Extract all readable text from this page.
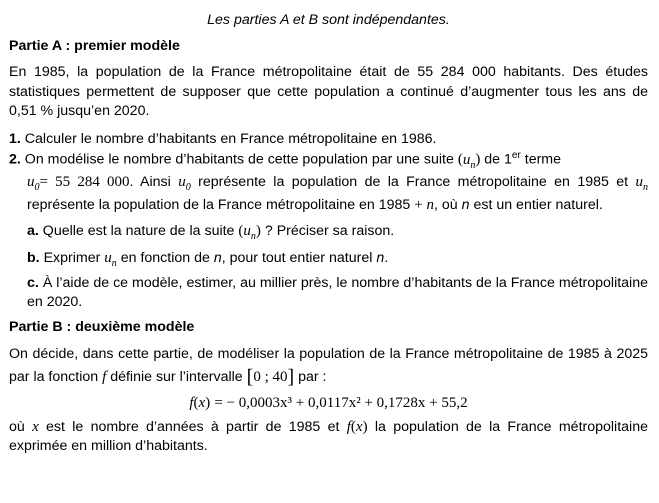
Les parties A et B sont indépendantes.
Partie A : premier modèle

En 1985, la population de la France métropolitaine était de 55 284 000 habitants. Des études statistiques permettent de supposer que cette population a continué d’augmenter tous les ans de 0,51 % jusqu’en 2020.

1. Calculer le nombre d’habitants en France métropolitaine en 1986.
2. On modélise le nombre d’habitants de cette population par une suite $(u_n)$ de 1er terme
$u_0= 55$ 284 000. Ainsi $u_0$ représente la population de la France métropolitaine en 1985 et $u_n$ représente la population de la France métropolitaine en 1985 + n, où n est un entier naturel.
a. Quelle est la nature de la suite $(u_n)$ ? Préciser sa raison.
b. Exprimer $u_n$ en fonction de n, pour tout entier naturel n.
c. À l’aide de ce modèle, estimer, au millier près, le nombre d’habitants de la France métropolitaine en 2020.
Partie B : deuxième modèle

On décide, dans cette partie, de modéliser la population de la France métropolitaine de 1985 à 2025 par la fonction f définie sur l’intervalle [0 ; 40] par :

f(x) = − 0,0003x³ + 0,0117x² + 0,1728x + 55,2

où x est le nombre d’années à partir de 1985 et f(x) la population de la France métropolitaine exprimée en million d’habitants.
